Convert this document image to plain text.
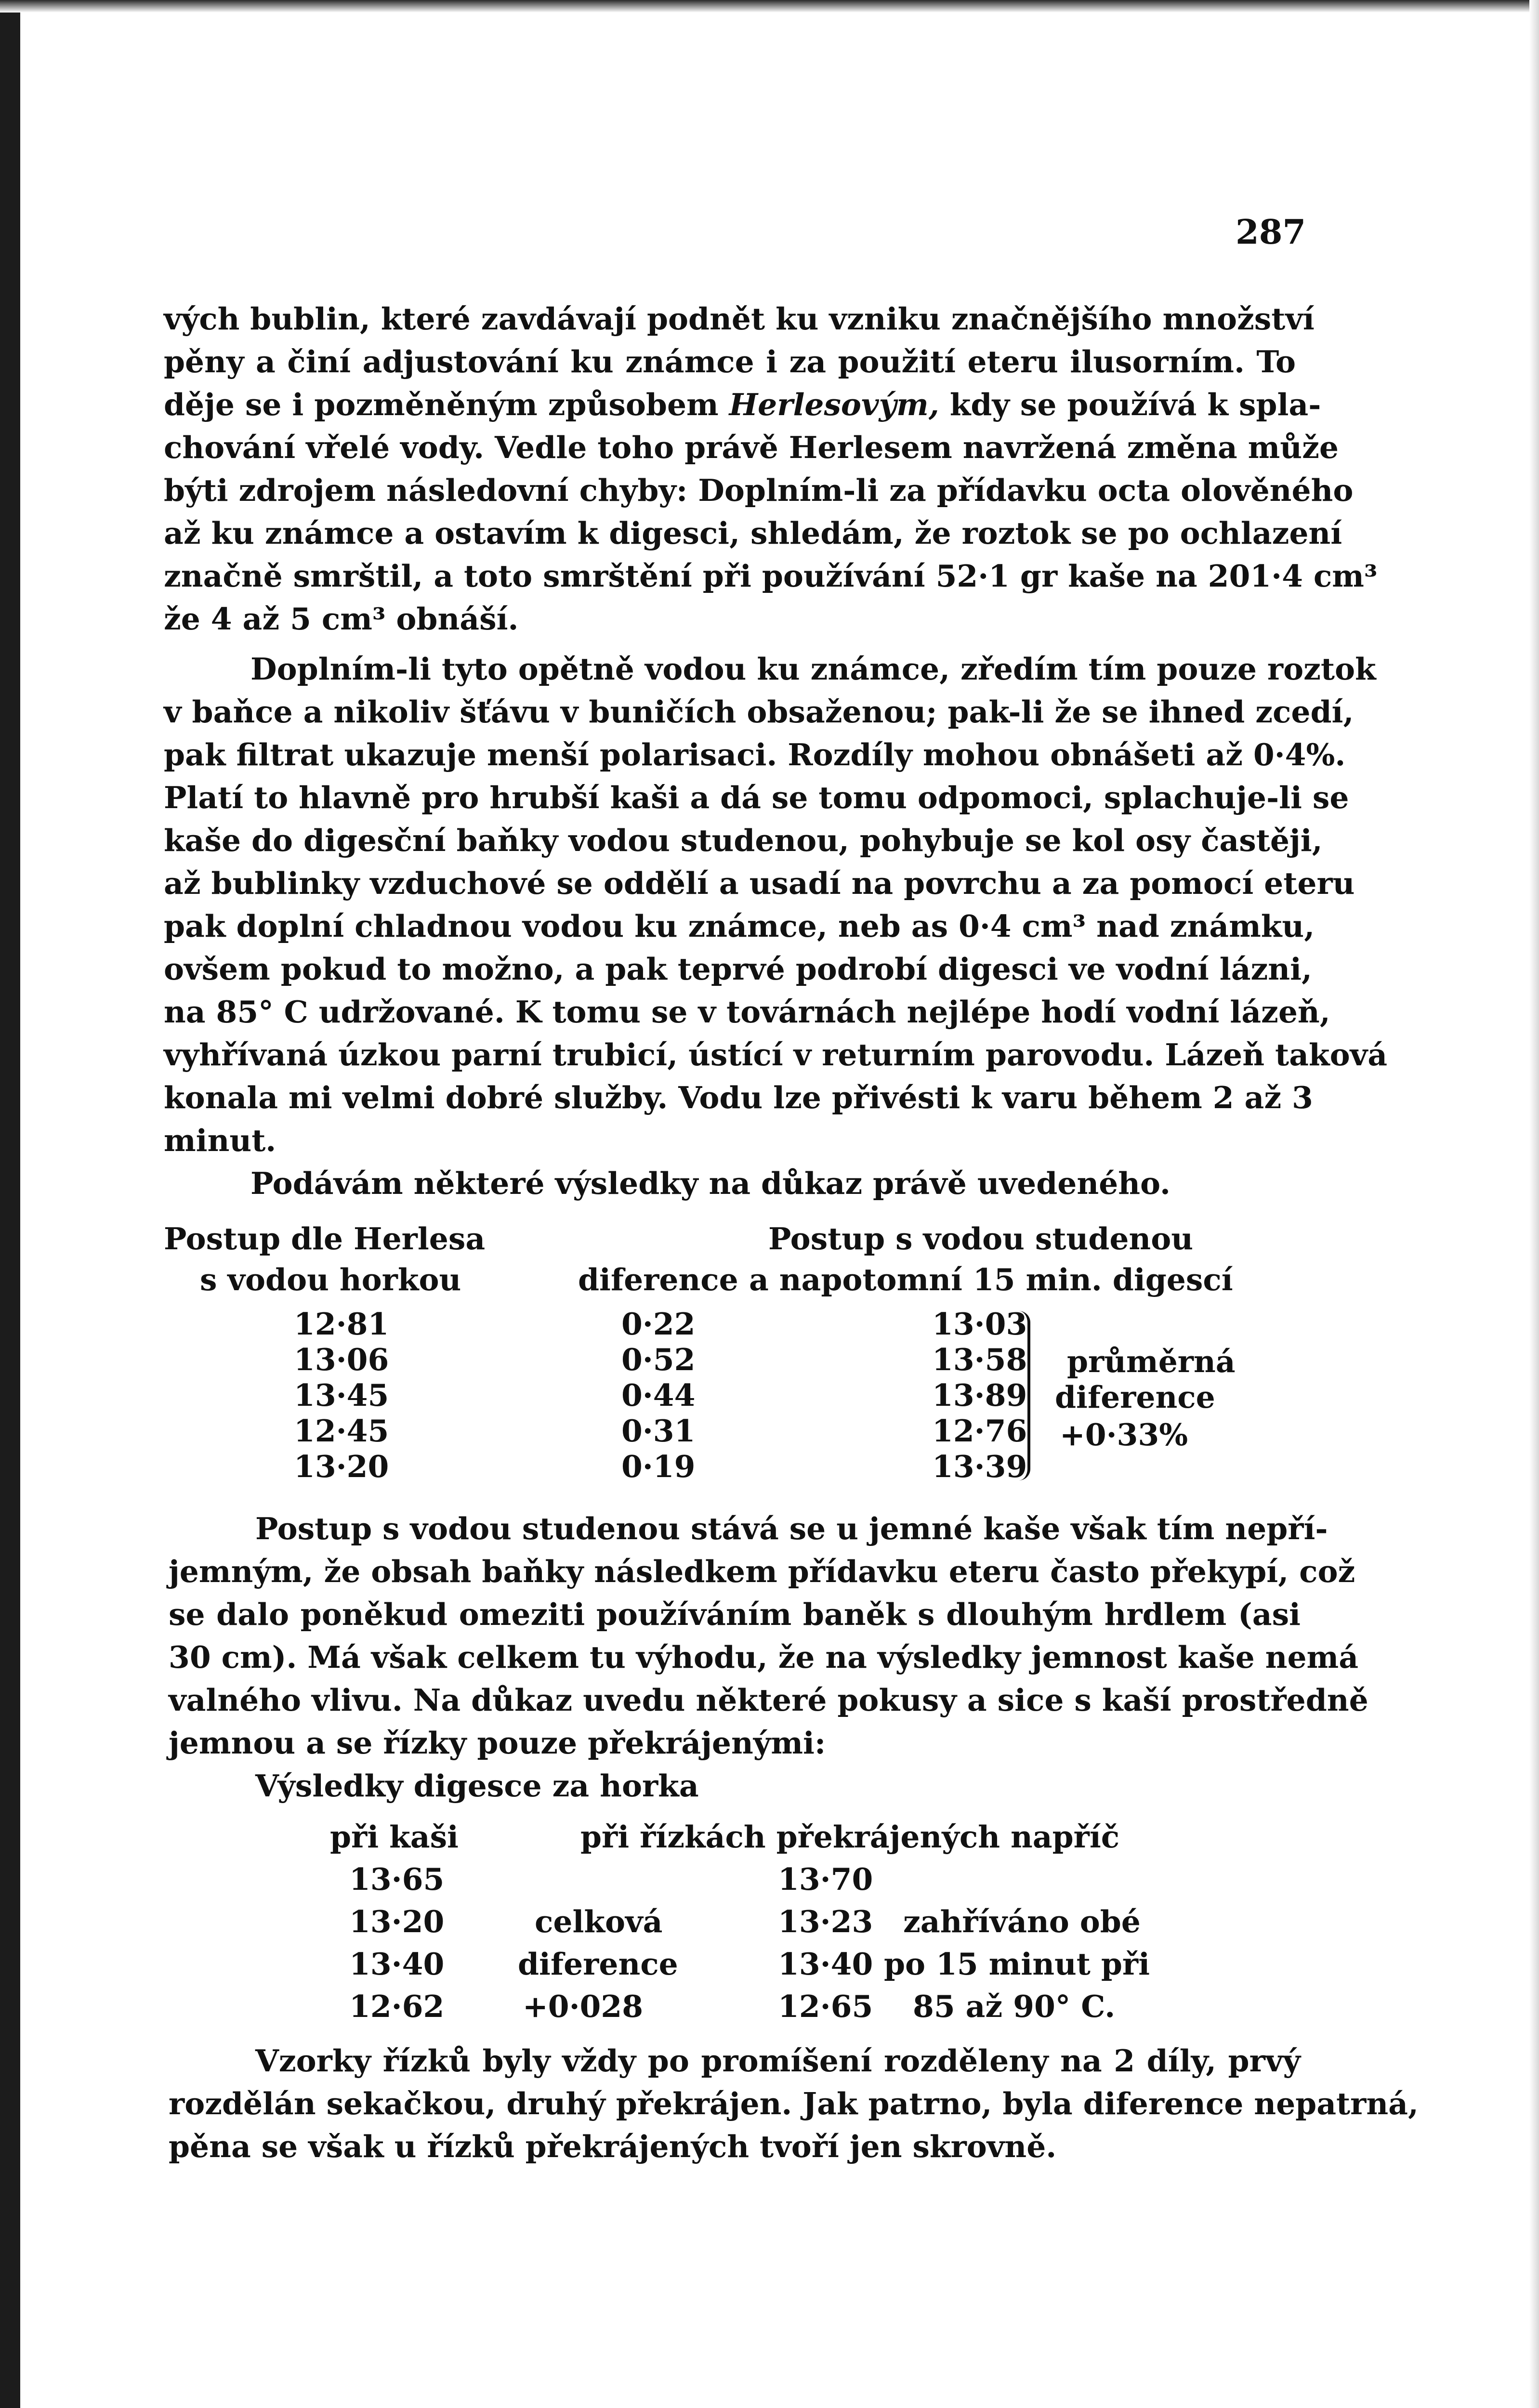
287
vých bublin, které zavdávají podnět ku vzniku značnějšího množství
pěny a činí adjustování ku známce i za použití eteru ilusorním. To
děje se i pozměněným způsobem Herlesovým, kdy se používá k spla-
chování vřelé vody. Vedle toho právě Herlesem navržená změna může
býti zdrojem následovní chyby: Doplním-li za přídavku octa olověného
až ku známce a ostavím k digesci, shledám, že roztok se po ochlazení
značně smrštil, a toto smrštění při používání 52·1 gr kaše na 201·4 cm³
že 4 až 5 cm³ obnáší.
Doplním-li tyto opětně vodou ku známce, zředím tím pouze roztok
v baňce a nikoliv šťávu v buničích obsaženou; pak-li že se ihned zcedí,
pak filtrat ukazuje menší polarisaci. Rozdíly mohou obnášeti až 0·4%.
Platí to hlavně pro hrubší kaši a dá se tomu odpomoci, splachuje-li se
kaše do digesční baňky vodou studenou, pohybuje se kol osy častěji,
až bublinky vzduchové se oddělí a usadí na povrchu a za pomocí eteru
pak doplní chladnou vodou ku známce, neb as 0·4 cm³ nad známku,
ovšem pokud to možno, a pak teprvé podrobí digesci ve vodní lázni,
na 85° C udržované. K tomu se v továrnách nejlépe hodí vodní lázeň,
vyhřívaná úzkou parní trubicí, ústící v returním parovodu. Lázeň taková
konala mi velmi dobré služby. Vodu lze přivésti k varu během 2 až 3
minut.
Podávám některé výsledky na důkaz právě uvedeného.
Postup dle Herlesa
s vodou horkou	diference
Postup s vodou studenou
a napotomní 15 min. digescí
12·81
13·06
13·45
12·45
13·20
0·22
0·52
0·44
0·31
0·19
13·03
13·58
13·89
12·76
13·39
průměrná
diference
+0·33%
Postup s vodou studenou stává se u jemné kaše však tím nepří-
jemným, že obsah baňky následkem přídavku eteru často překypí, což
se dalo poněkud omeziti používáním baněk s dlouhým hrdlem (asi
30 cm). Má však celkem tu výhodu, že na výsledky jemnost kaše nemá
valného vlivu. Na důkaz uvedu některé pokusy a sice s kaší prostředně
jemnou a se řízky pouze překrájenými:
Výsledky digesce za horka
při kaši	při řízkách překrájených napříč
13·65
13·20
13·40
12·62
celková
diference
+0·028
13·70
13·23
13·40
12·65
zahříváno obé
po 15 minut při
85 až 90° C.
Vzorky řízků byly vždy po promíšení rozděleny na 2 díly, prvý
rozdělán sekačkou, druhý překrájen. Jak patrno, byla diference nepatrná,
pěna se však u řízků překrájených tvoří jen skrovně.
